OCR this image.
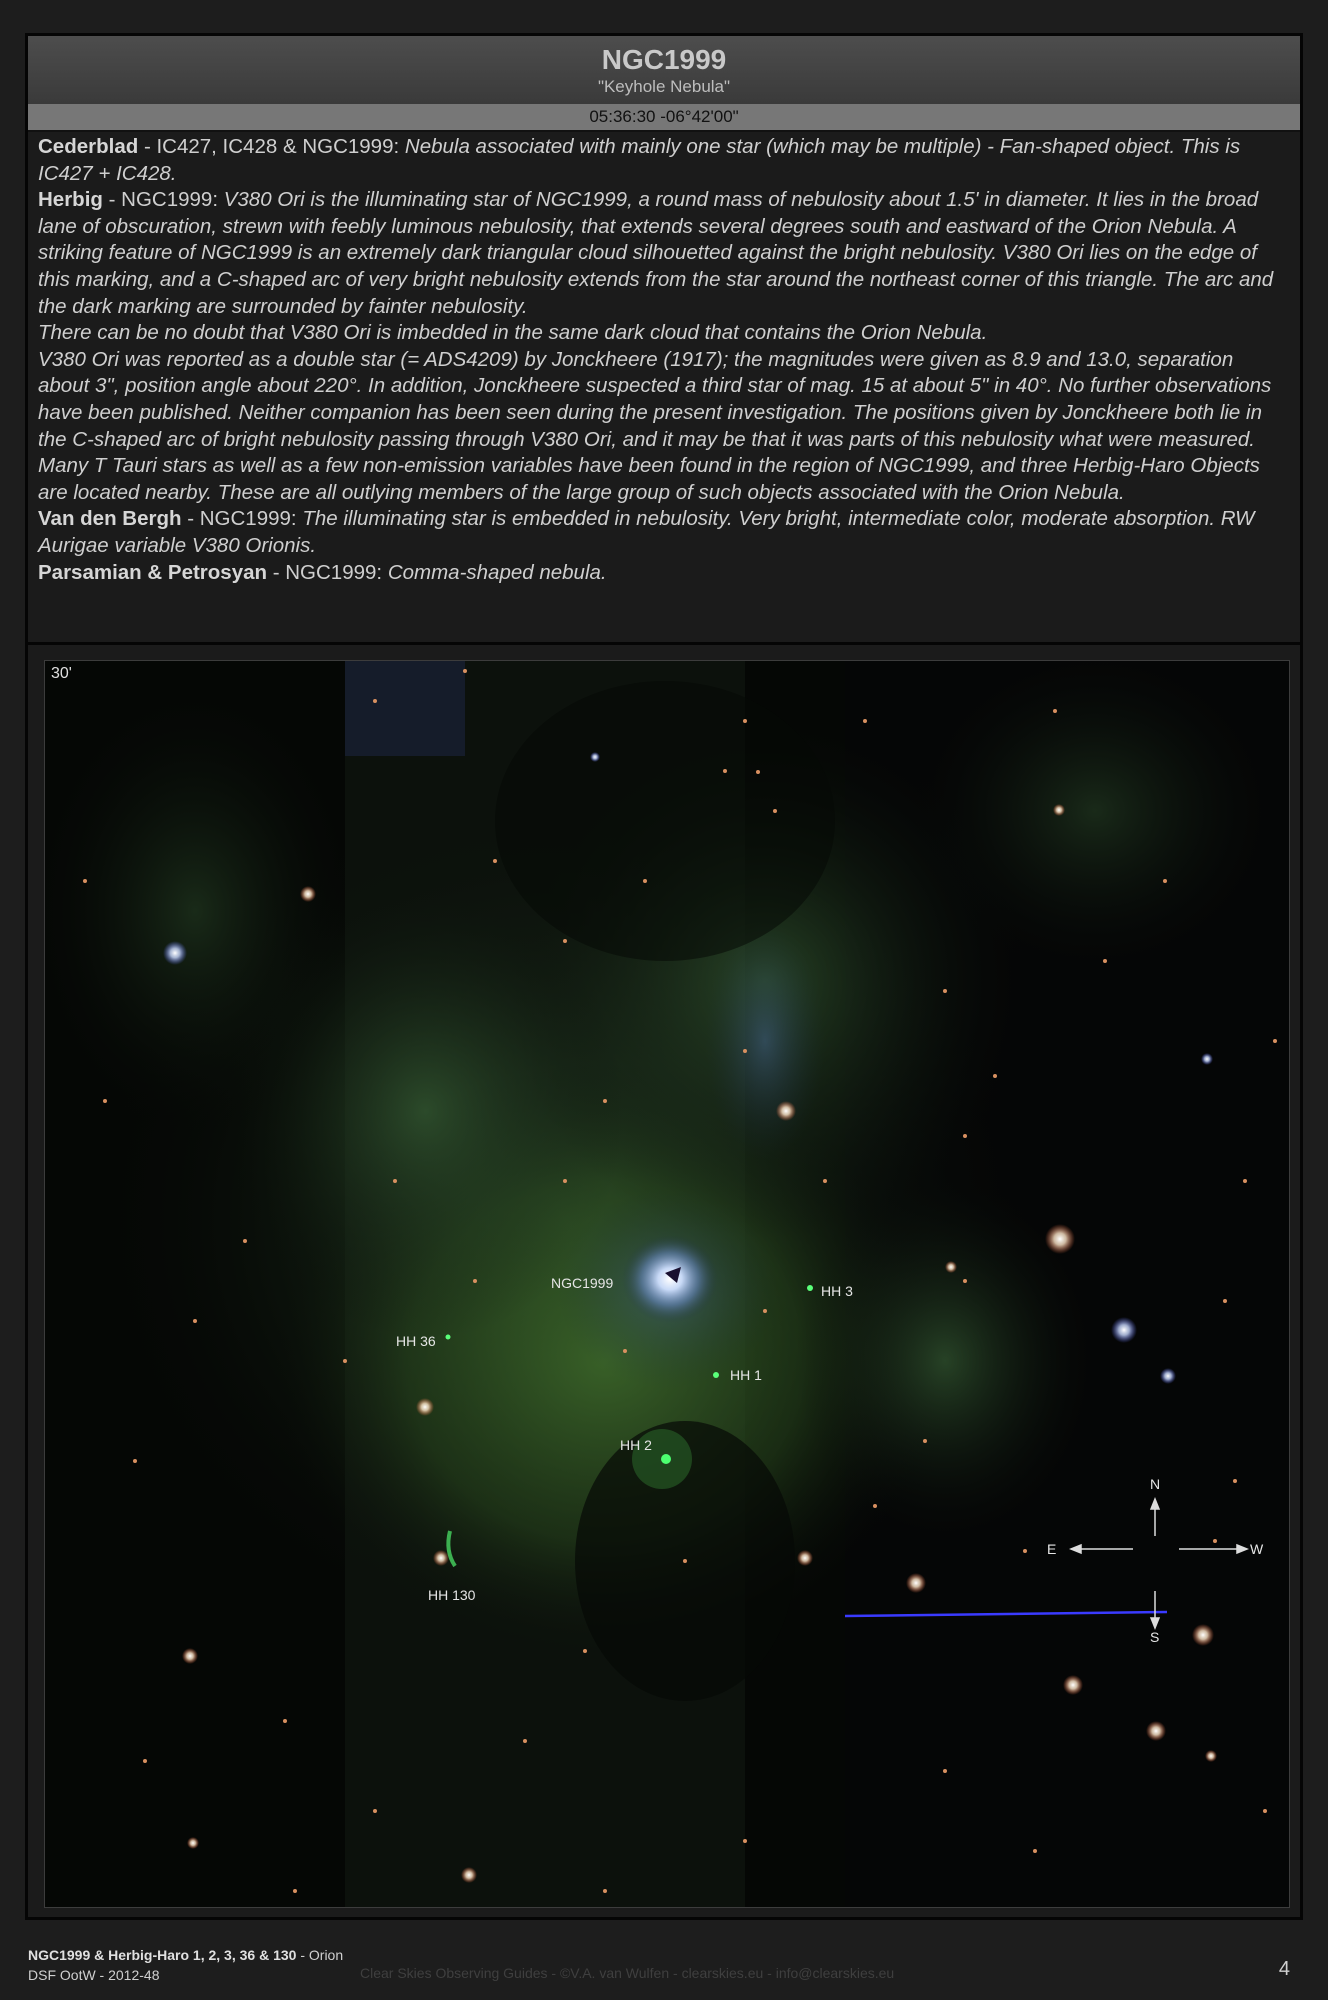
NGC1999
"Keyhole Nebula"
05:36:30 -06°42'00"

Cederblad - IC427, IC428 & NGC1999: Nebula associated with mainly one star (which may be multiple) - Fan-shaped object. This is IC427 + IC428.

Herbig - NGC1999: V380 Ori is the illuminating star of NGC1999, a round mass of nebulosity about 1.5' in diameter. It lies in the broad lane of obscuration, strewn with feebly luminous nebulosity, that extends several degrees south and eastward of the Orion Nebula. A striking feature of NGC1999 is an extremely dark triangular cloud silhouetted against the bright nebulosity. V380 Ori lies on the edge of this marking, and a C-shaped arc of very bright nebulosity extends from the star around the northeast corner of this triangle. The arc and the dark marking are surrounded by fainter nebulosity.

There can be no doubt that V380 Ori is imbedded in the same dark cloud that contains the Orion Nebula.

V380 Ori was reported as a double star (= ADS4209) by Jonckheere (1917); the magnitudes were given as 8.9 and 13.0, separation about 3", position angle about 220°. In addition, Jonckheere suspected a third star of mag. 15 at about 5" in 40°. No further observations have been published. Neither companion has been seen during the present investigation. The positions given by Jonckheere both lie in the C-shaped arc of bright nebulosity passing through V380 Ori, and it may be that it was parts of this nebulosity what were measured.

Many T Tauri stars as well as a few non-emission variables have been found in the region of NGC1999, and three Herbig-Haro Objects are located nearby. These are all outlying members of the large group of such objects associated with the Orion Nebula.

Van den Bergh - NGC1999: The illuminating star is embedded in nebulosity. Very bright, intermediate color, moderate absorption. RW Aurigae variable V380 Orionis.

Parsamian & Petrosyan - NGC1999: Comma-shaped nebula.

30'
NGC1999	HH 3
HH 36
HH 1
HH 2
HH 130
N
S
E	W
NGC1999 & Herbig-Haro 1, 2, 3, 36 & 130 - Orion
DSF OotW - 2012-48	Clear Skies Observing Guides - ©V.A. van Wulfen - clearskies.eu - info@clearskies.eu	4
